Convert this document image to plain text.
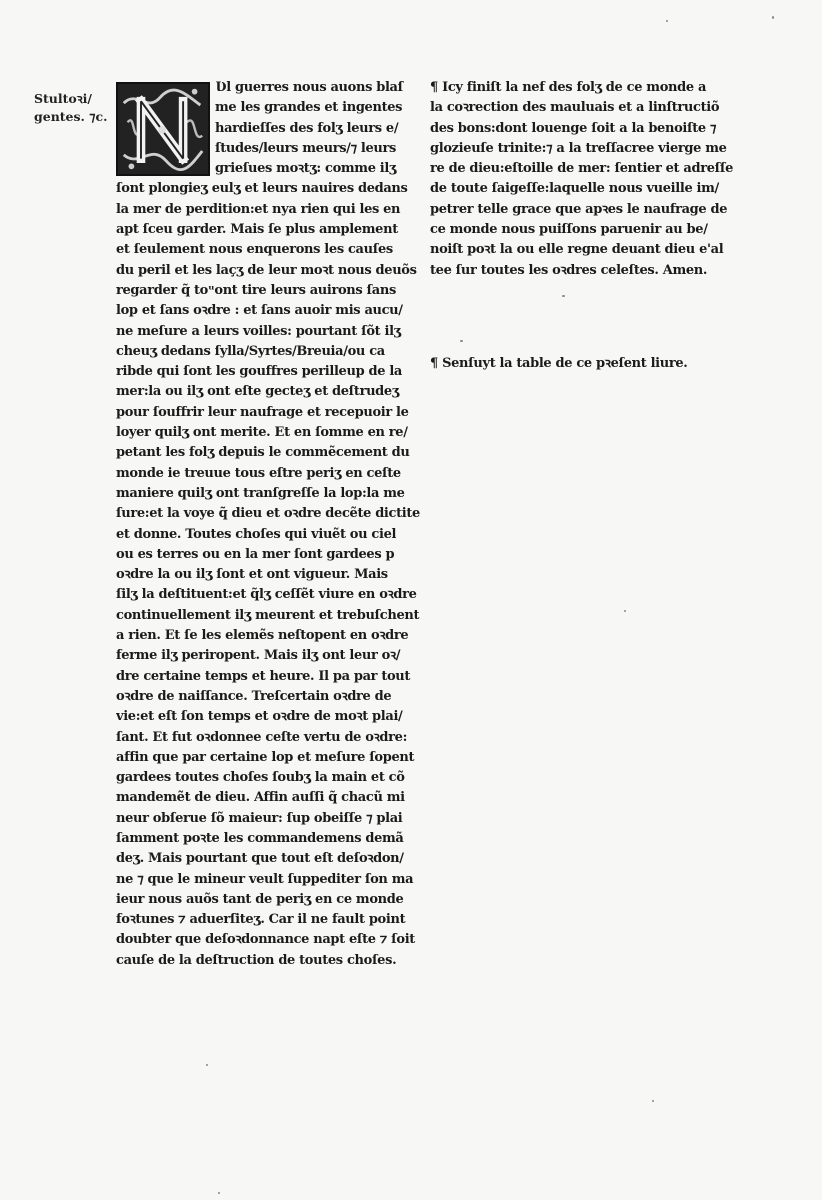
Stultoꝛi/
gentes. ⁊c.
Ʋl guerres nous auons blaſ
me les grandes et ingentes
hardieſſes des folʒ leurs e/
ſtudes/leurs meurs/⁊ leurs
grieſues moꝛtʒ: comme ilʒ
ſont plongieʒ eulʒ et leurs nauires dedans
la mer de perdition:et nya rien qui les en
apt ſceu garder. Mais ſe plus amplement
et ſeulement nous enquerons les cauſes
du peril et les laçʒ de leur moꝛt nous deuõs
regarder q̃ toᵘont tire leurs auirons ſans
lop et ſans oꝛdre : et ſans auoir mis aucu/
ne meſure a leurs voilles: pourtant ſõt ilʒ
cheuʒ dedans ſylla/Syrtes/Breuia/ou ca
ribde qui ſont les gouffres perilleup de la
mer:la ou ilʒ ont eſte gecteʒ et deſtrudeʒ
pour ſouffrir leur naufrage et recepuoir le
loyer quilʒ ont merite. Et en ſomme en re/
petant les folʒ depuis le commẽcement du
monde ie treuue tous eſtre periʒ en ceſte
maniere quilʒ ont tranſgreſſe la lop:la me
ſure:et la voye q̃ dieu et oꝛdre decẽte dictite
et donne. Toutes choſes qui viuẽt ou ciel
ou es terres ou en la mer ſont gardees p
oꝛdre la ou ilʒ ſont et ont vigueur. Mais
ſilʒ la deſtituent:et q̃lʒ ceſſẽt viure en oꝛdre
continuellement ilʒ meurent et trebuſchent
a rien. Et ſe les elemẽs neſtopent en oꝛdre
ferme ilʒ periropent. Mais ilʒ ont leur oꝛ/
dre certaine temps et heure. Il pa par tout
oꝛdre de naiſſance. Treſcertain oꝛdre de
vie:et eſt ſon temps et oꝛdre de moꝛt plai/
ſant. Et fut oꝛdonnee ceſte vertu de oꝛdre:
affin que par certaine lop et meſure ſopent
gardees toutes choſes ſoubʒ la main et cõ
mandemẽt de dieu. Affin auſſi q̃ chacũ mi
neur obſerue ſõ maieur: ſup obeiſſe ⁊ plai
ſamment poꝛte les commandemens demã
deʒ. Mais pourtant que tout eſt deſoꝛdon/
ne ⁊ que le mineur veult ſuppediter ſon ma
ieur nous auõs tant de periʒ en ce monde
foꝛtunes ⁊ aduerſiteʒ. Car il ne fault point
doubter que deſoꝛdonnance napt eſte ⁊ ſoit
cauſe de la deſtruction de toutes choſes.
¶ Icy finiſt la nef des folʒ de ce monde a
la coꝛrection des mauluais et a linſtructiõ
des bons:dont louenge ſoit a la benoiſte ⁊
glozieuſe trinite:⁊ a la treſſacree vierge me
re de dieu:eſtoille de mer: ſentier et adreſſe
de toute ſaigeſſe:laquelle nous vueille im/
petrer telle grace que apꝛes le naufrage de
ce monde nous puiſſons paruenir au be/
noiſt poꝛt la ou elle regne deuant dieu e'al
tee ſur toutes les oꝛdres celeſtes. Amen.
¶ Senſuyt la table de ce pꝛeſent liure.
